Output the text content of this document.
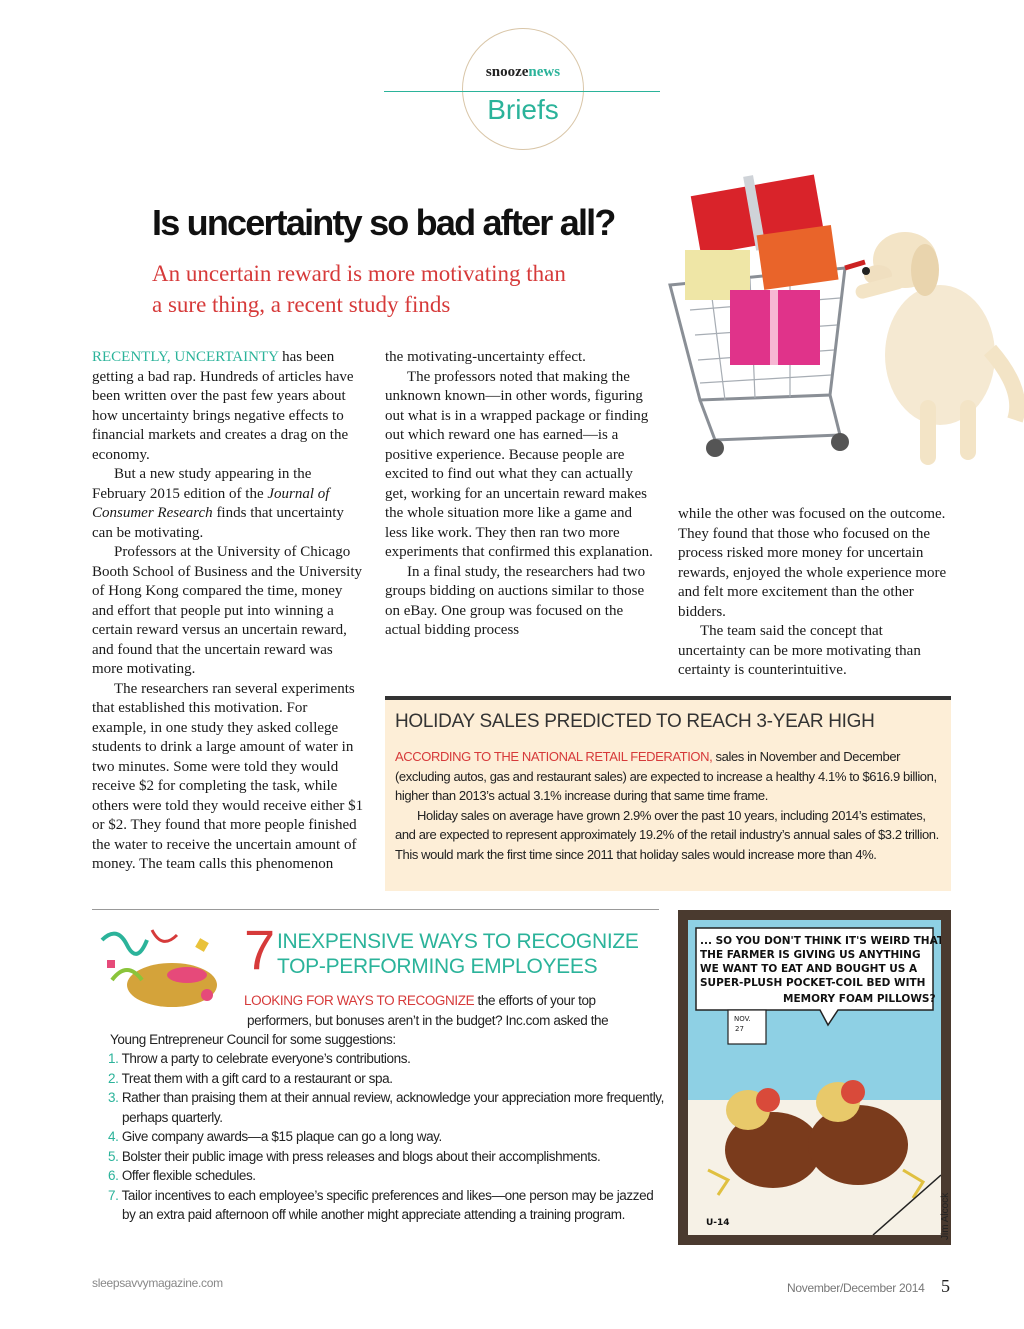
snoozenews
Briefs
Is uncertainty so bad after all?
An uncertain reward is more motivating than
a sure thing, a recent study finds

RECENTLY, UNCERTAINTY has been getting a bad rap. Hundreds of articles have been written over the past few years about how uncertainty brings negative effects to financial markets and creates a drag on the economy.

But a new study appearing in the February 2015 edition of the Journal of Consumer Research finds that uncertainty can be motivating.

Professors at the University of Chicago Booth School of Business and the University of Hong Kong compared the time, money and effort that people put into winning a certain reward versus an uncertain reward, and found that the uncertain reward was more motivating.

The researchers ran several experiments that established this motivation. For example, in one study they asked college students to drink a large amount of water in two minutes. Some were told they would receive $2 for completing the task, while others were told they would receive either $1 or $2. They found that more people finished the water to receive the uncertain amount of money. The team calls this phenomenon

the motivating-uncertainty effect.

The professors noted that making the unknown known—in other words, figuring out what is in a wrapped package or finding out which reward one has earned—is a positive experience. Because people are excited to find out what they can actually get, working for an uncertain reward makes the whole situation more like a game and less like work. They then ran two more experiments that confirmed this explanation.

In a final study, the researchers had two groups bidding on auctions similar to those on eBay. One group was focused on the actual bidding process

while the other was focused on the outcome. They found that those who focused on the process risked more money for uncertain rewards, enjoyed the whole experience more and felt more excitement than the other bidders.

The team said the concept that uncertainty can be more motivating than certainty is counterintuitive.

HOLIDAY SALES PREDICTED TO REACH 3-YEAR HIGH

ACCORDING TO THE NATIONAL RETAIL FEDERATION, sales in November and December (excluding autos, gas and restaurant sales) are expected to increase a healthy 4.1% to $616.9 billion, higher than 2013’s actual 3.1% increase during that same time frame.

Holiday sales on average have grown 2.9% over the past 10 years, including 2014’s estimates, and are expected to represent approximately 19.2% of the retail industry’s annual sales of $3.2 trillion. This would mark the first time since 2011 that holiday sales would increase more than 4%.

7 INEXPENSIVE WAYS TO RECOGNIZE
TOP-PERFORMING EMPLOYEES
LOOKING FOR WAYS TO RECOGNIZE the efforts of your top
performers, but bonuses aren’t in the budget? Inc.com asked the
Young Entrepreneur Council for some suggestions:
1. Throw a party to celebrate everyone’s contributions.
2. Treat them with a gift card to a restaurant or spa.
3. Rather than praising them at their annual review, acknowledge your appreciation more frequently, perhaps quarterly.
4. Give company awards—a $15 plaque can go a long way.
5. Bolster their public image with press releases and blogs about their accomplishments.
6. Offer flexible schedules.
7. Tailor incentives to each employee’s specific preferences and likes—one person may be jazzed by an extra paid afternoon off while another might appreciate attending a training program.
... SO YOU DON'T THINK IT'S WEIRD THAT
THE FARMER IS GIVING US ANYTHING
WE WANT TO EAT AND BOUGHT US A
SUPER-PLUSH POCKET-COIL BED WITH
MEMORY FOAM PILLOWS?
NOV.
27
U-14	Jim Alcock
sleepsavvymagazine.com	November/December 2014 5
